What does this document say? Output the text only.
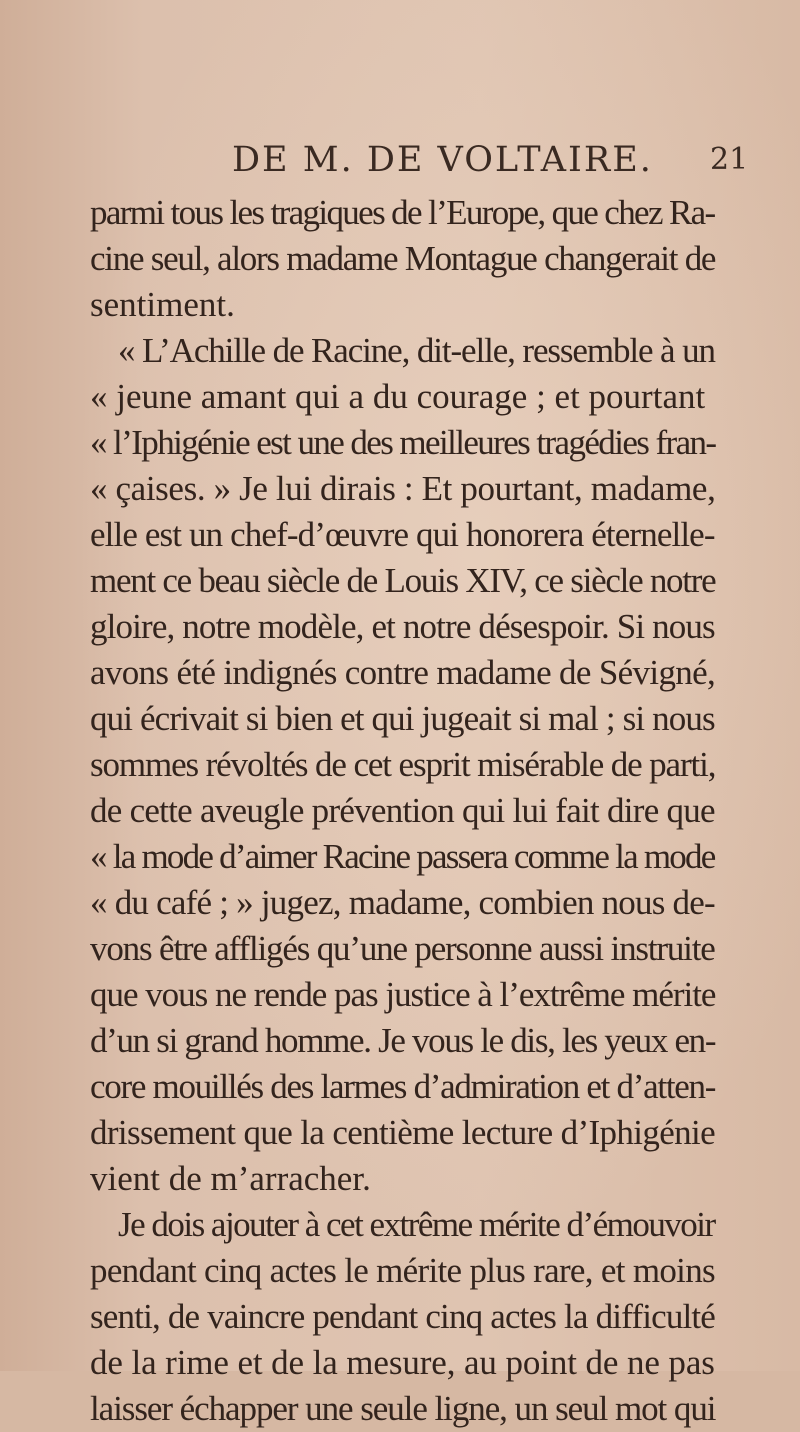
DE M. DE VOLTAIRE. 21
parmi tous les tragiques de l’Europe, que chez Ra-
cine seul, alors madame Montague changerait de
sentiment.
« L’Achille de Racine, dit-elle, ressemble à un
« jeune amant qui a du courage ; et pourtant
« l’Iphigénie est une des meilleures tragédies fran-
« çaises. » Je lui dirais : Et pourtant, madame,
elle est un chef-d’œuvre qui honorera éternelle-
ment ce beau siècle de Louis XIV, ce siècle notre
gloire, notre modèle, et notre désespoir. Si nous
avons été indignés contre madame de Sévigné,
qui écrivait si bien et qui jugeait si mal ; si nous
sommes révoltés de cet esprit misérable de parti,
de cette aveugle prévention qui lui fait dire que
« la mode d’aimer Racine passera comme la mode
« du café ; » jugez, madame, combien nous de-
vons être affligés qu’une personne aussi instruite
que vous ne rende pas justice à l’extrême mérite
d’un si grand homme. Je vous le dis, les yeux en-
core mouillés des larmes d’admiration et d’atten-
drissement que la centième lecture d’Iphigénie
vient de m’arracher.
Je dois ajouter à cet extrême mérite d’émouvoir
pendant cinq actes le mérite plus rare, et moins
senti, de vaincre pendant cinq actes la difficulté
de la rime et de la mesure, au point de ne pas
laisser échapper une seule ligne, un seul mot qui
